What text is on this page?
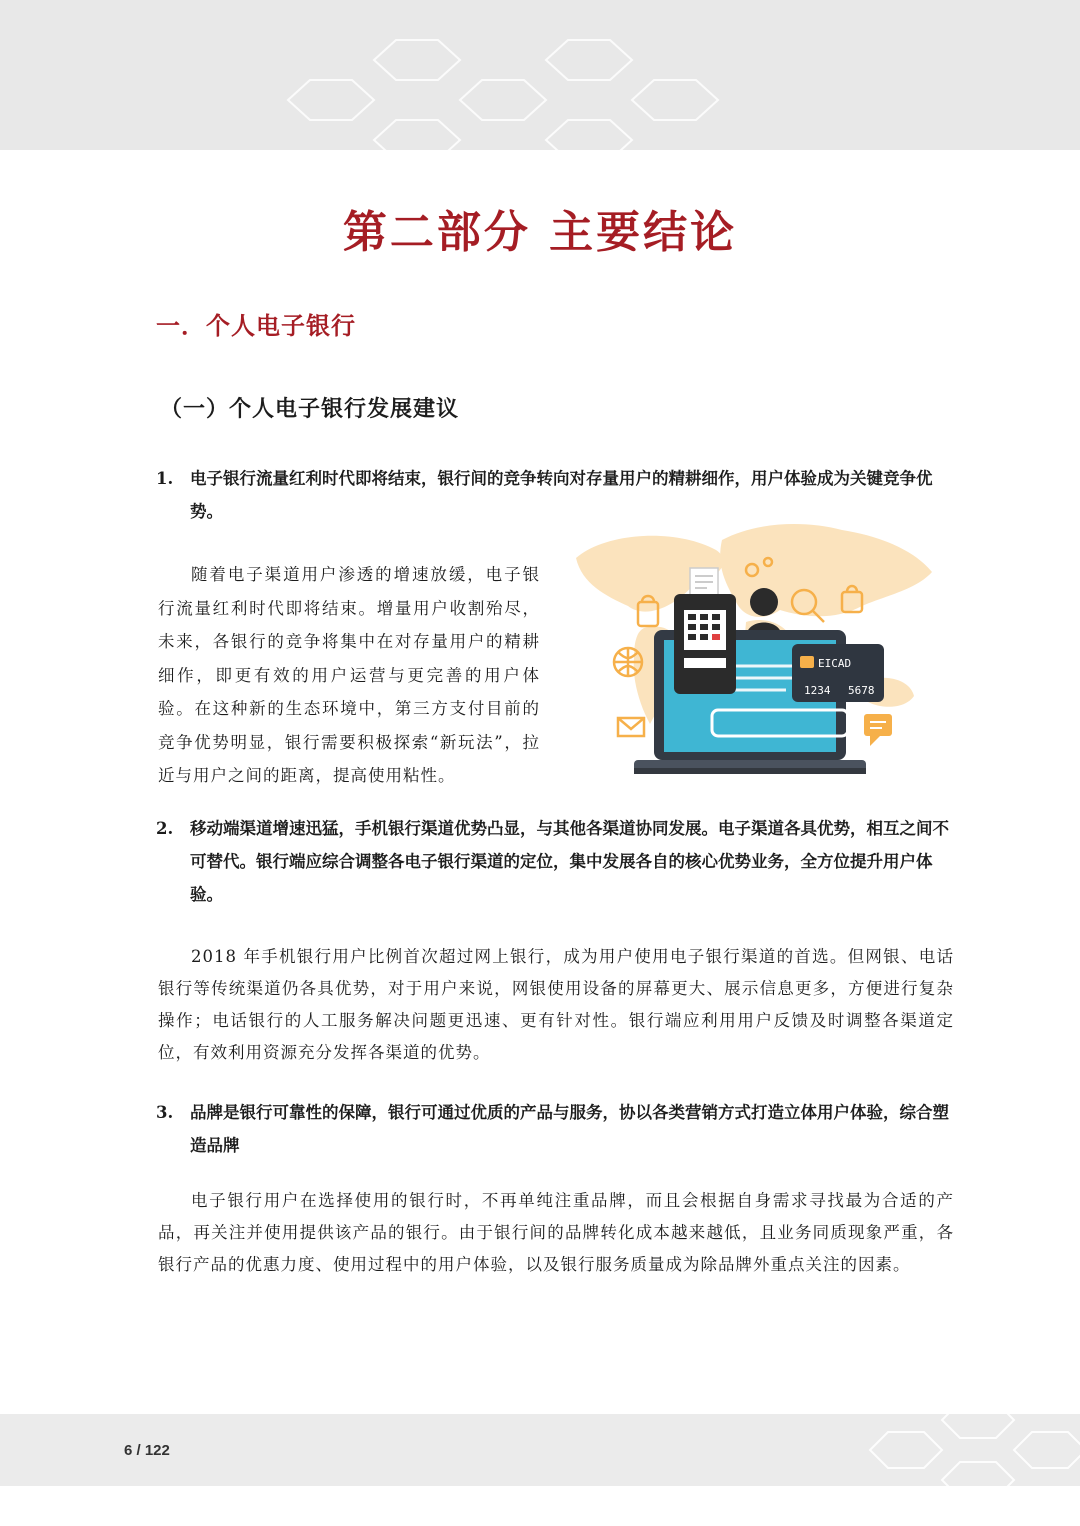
第二部分 主要结论
一．个人电子银行
（一）个人电子银行发展建议
1.	电子银行流量红利时代即将结束，银行间的竞争转向对存量用户的精耕细作，用户体验成为关键竞争优势。

随着电子渠道用户渗透的增速放缓，电子银行流量红利时代即将结束。增量用户收割殆尽，未来，各银行的竞争将集中在对存量用户的精耕细作，即更有效的用户运营与更完善的用户体验。在这种新的生态环境中，第三方支付目前的竞争优势明显，银行需要积极探索“新玩法”，拉近与用户之间的距离，提高使用粘性。

EICAD
1234 5678
2.	移动端渠道增速迅猛，手机银行渠道优势凸显，与其他各渠道协同发展。电子渠道各具优势，相互之间不可替代。银行端应综合调整各电子银行渠道的定位，集中发展各自的核心优势业务，全方位提升用户体验。

2018 年手机银行用户比例首次超过网上银行，成为用户使用电子银行渠道的首选。但网银、电话银行等传统渠道仍各具优势，对于用户来说，网银使用设备的屏幕更大、展示信息更多，方便进行复杂操作；电话银行的人工服务解决问题更迅速、更有针对性。银行端应利用用户反馈及时调整各渠道定位，有效利用资源充分发挥各渠道的优势。

3.	品牌是银行可靠性的保障，银行可通过优质的产品与服务，协以各类营销方式打造立体用户体验，综合塑造品牌

电子银行用户在选择使用的银行时，不再单纯注重品牌，而且会根据自身需求寻找最为合适的产品，再关注并使用提供该产品的银行。由于银行间的品牌转化成本越来越低，且业务同质现象严重，各银行产品的优惠力度、使用过程中的用户体验，以及银行服务质量成为除品牌外重点关注的因素。

6 / 122
